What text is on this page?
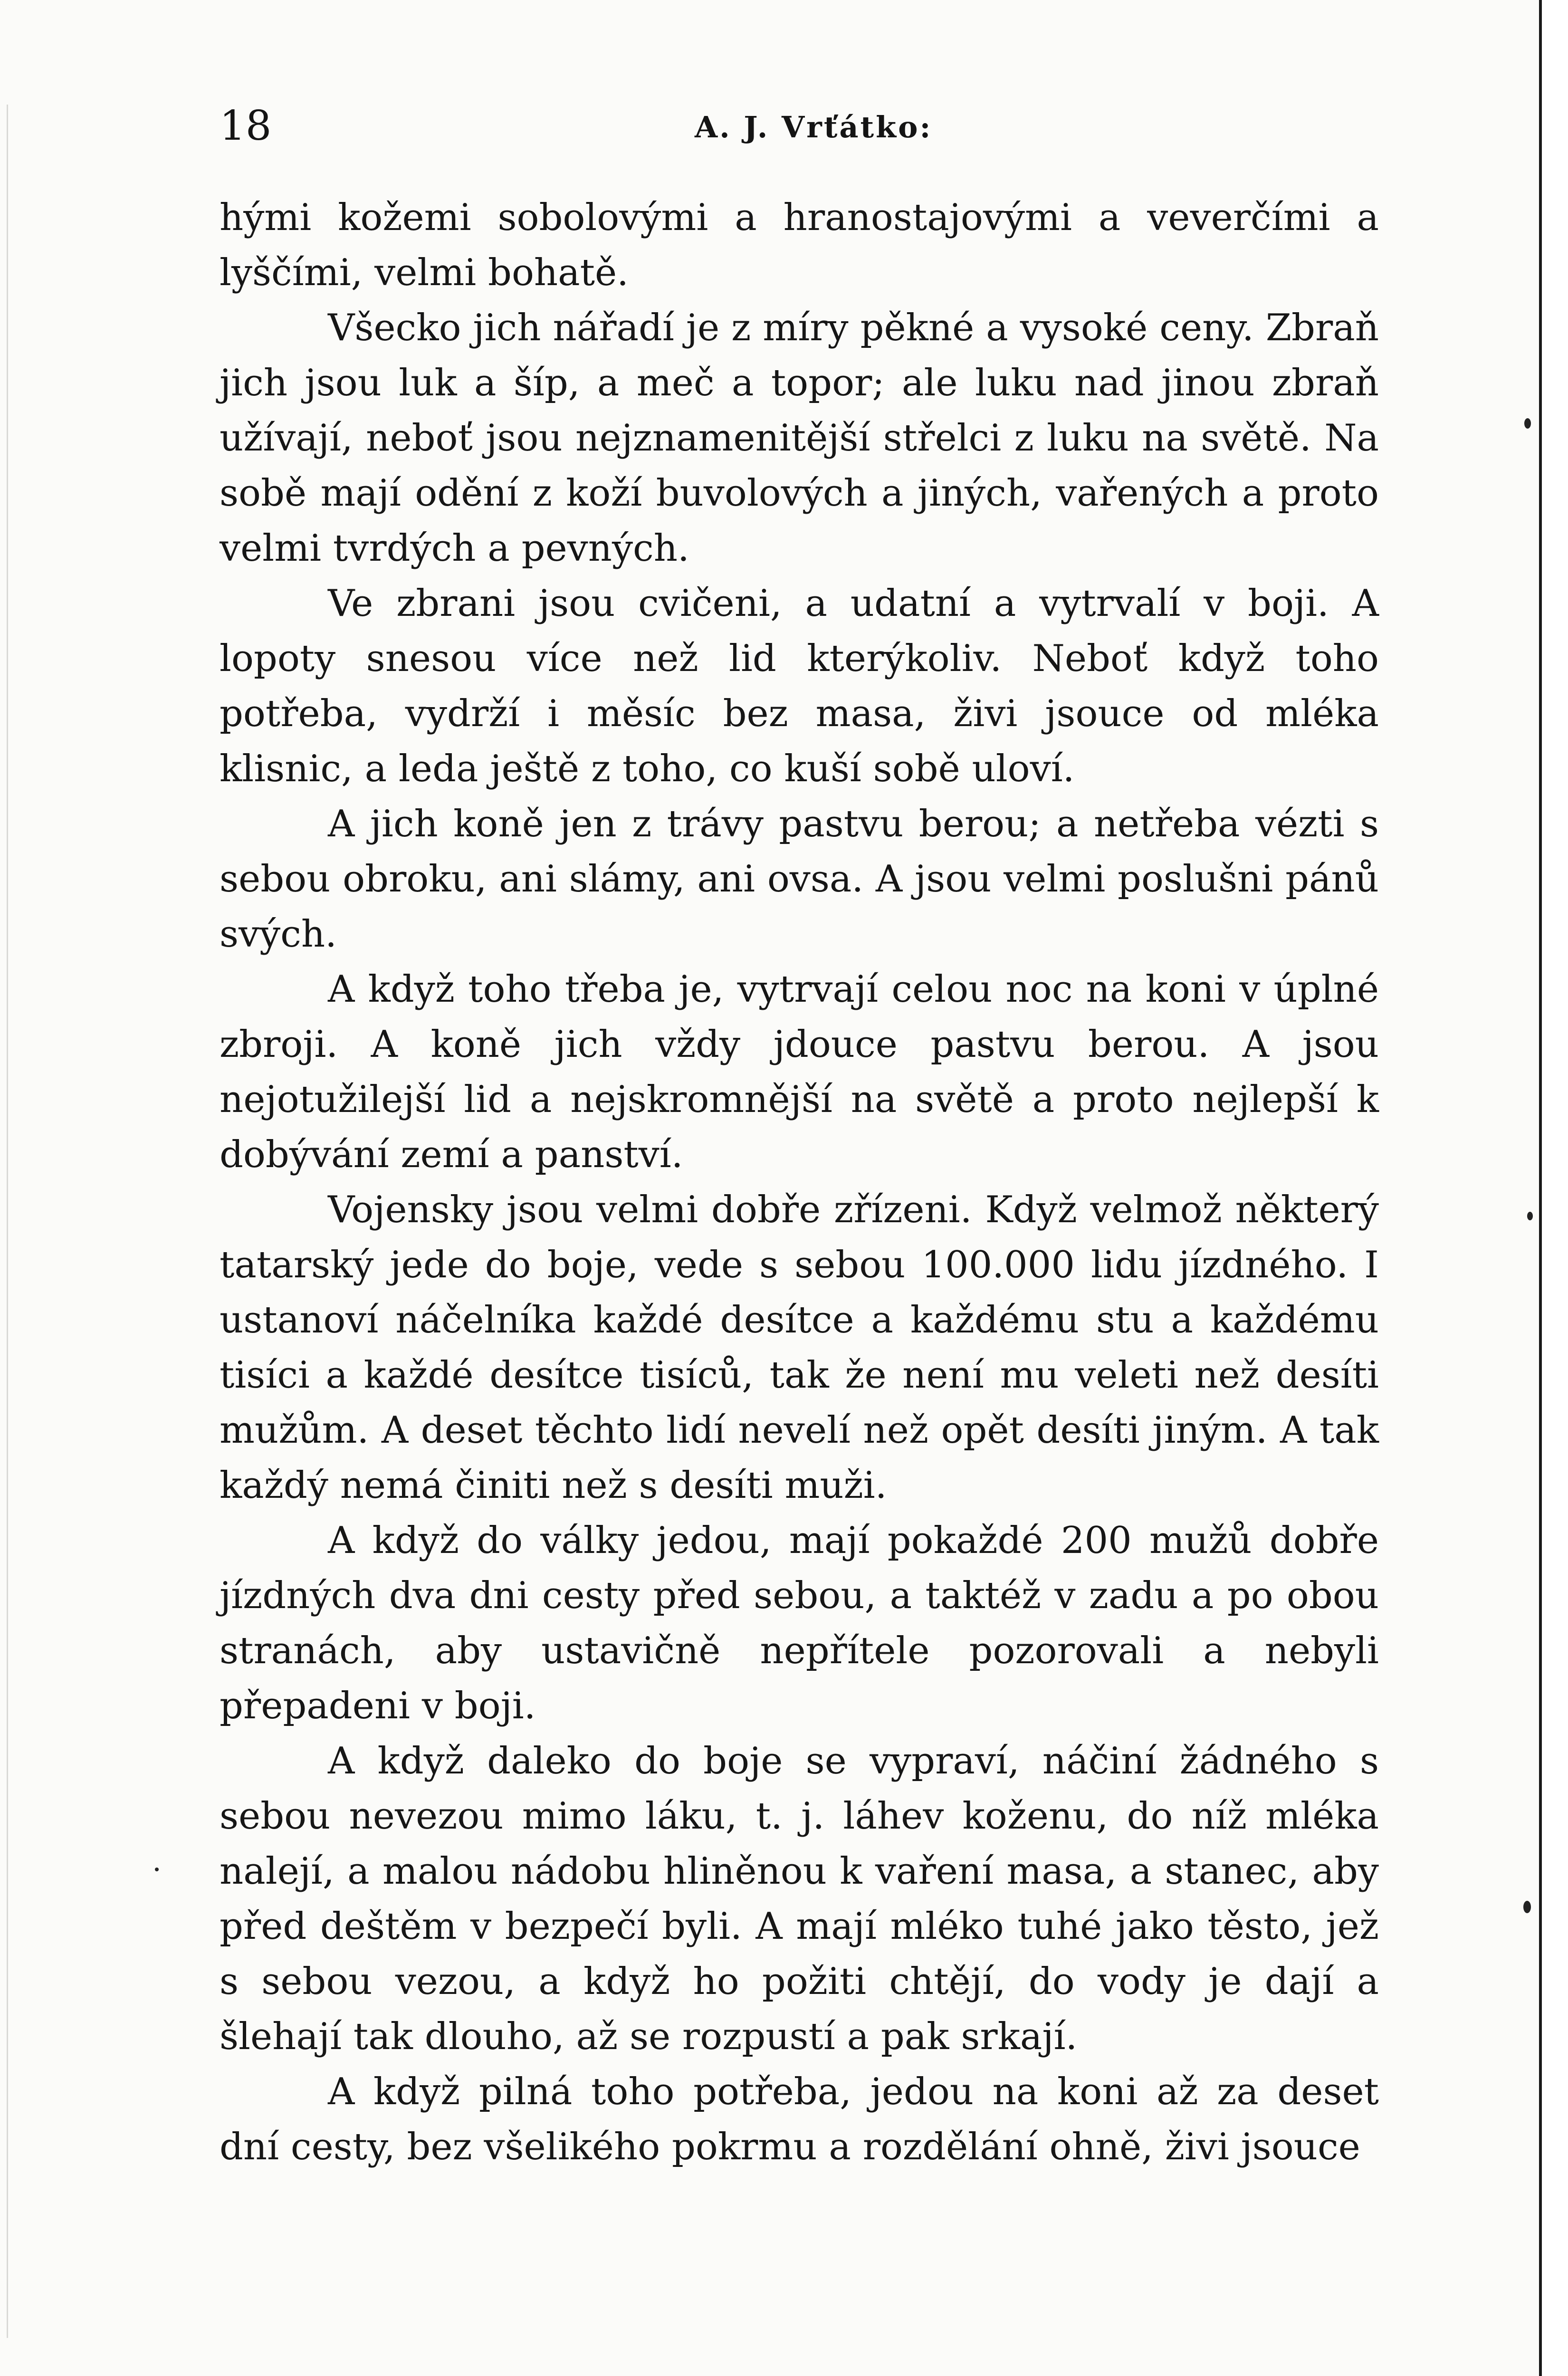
18	A. J. Vrťátko:

hými kožemi sobolovými a hranostajovými a veverčími a lyščími, velmi bohatě.

Všecko jich nářadí je z míry pěkné a vysoké ceny. Zbraň jich jsou luk a šíp, a meč a topor; ale luku nad jinou zbraň užívají, neboť jsou nejznamenitější střelci z luku na světě. Na sobě mají odění z koží buvolových a jiných, vařených a proto velmi tvrdých a pevných.

Ve zbrani jsou cvičeni, a udatní a vytrvalí v boji. A lopoty snesou více než lid kterýkoliv. Neboť když toho potřeba, vydrží i měsíc bez masa, živi jsouce od mléka klisnic, a leda ještě z toho, co kuší sobě uloví.

A jich koně jen z trávy pastvu berou; a netřeba vézti s sebou obroku, ani slámy, ani ovsa. A jsou velmi poslušni pánů svých.

A když toho třeba je, vytrvají celou noc na koni v úplné zbroji. A koně jich vždy jdouce pastvu berou. A jsou nejotužilejší lid a nejskromnější na světě a proto nejlepší k dobývání zemí a panství.

Vojensky jsou velmi dobře zřízeni. Když velmož některý tatarský jede do boje, vede s sebou 100.000 lidu jízdného. I ustanoví náčelníka každé desítce a každému stu a každému tisíci a každé desítce tisíců, tak že není mu veleti než desíti mužům. A deset těchto lidí nevelí než opět desíti jiným. A tak každý nemá činiti než s desíti muži.

A když do války jedou, mají pokaždé 200 mužů dobře jízdných dva dni cesty před sebou, a taktéž v zadu a po obou stranách, aby ustavičně nepřítele pozorovali a nebyli přepadeni v boji.

A když daleko do boje se vypraví, náčiní žádného s sebou nevezou mimo láku, t. j. láhev koženu, do níž mléka nalejí, a malou nádobu hliněnou k vaření masa, a stanec, aby před deštěm v bezpečí byli. A mají mléko tuhé jako těsto, jež s sebou vezou, a když ho požiti chtějí, do vody je dají a šlehají tak dlouho, až se rozpustí a pak srkají.

A když pilná toho potřeba, jedou na koni až za deset dní cesty, bez všelikého pokrmu a rozdělání ohně, živi jsouce
